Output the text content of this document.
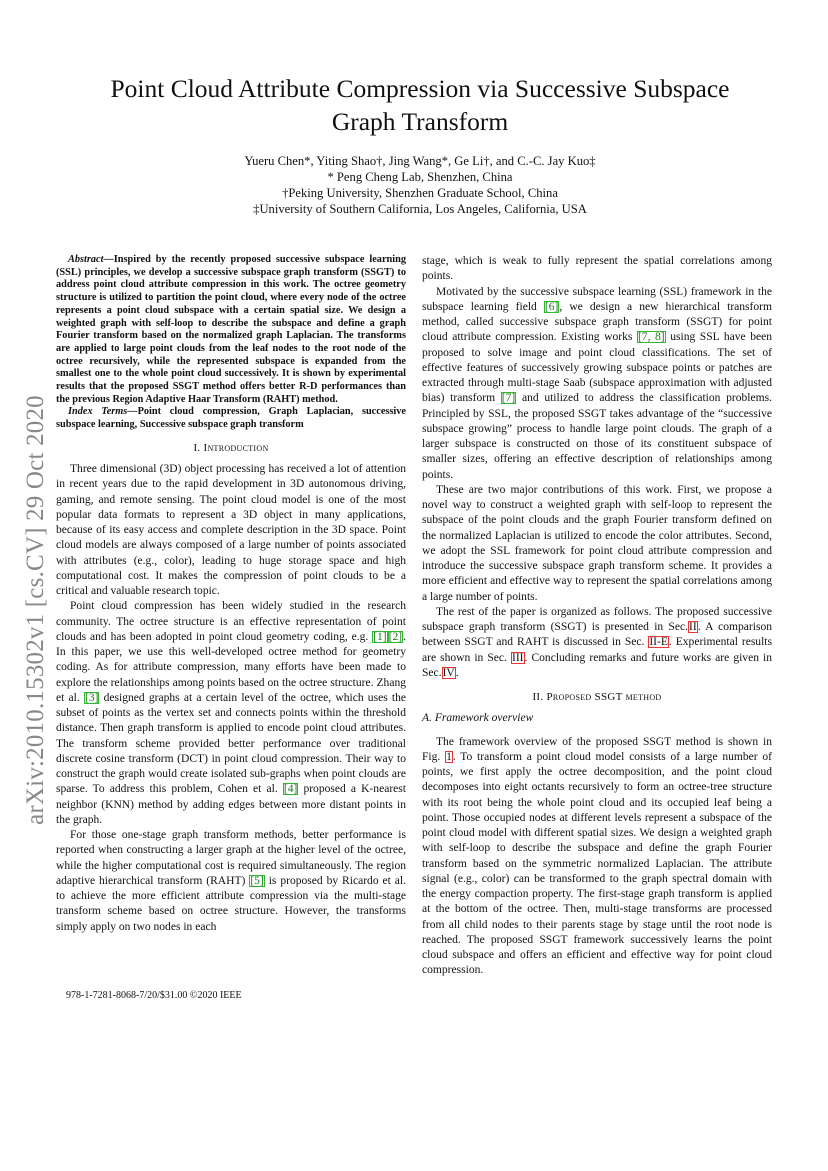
arXiv:2010.15302v1 [cs.CV] 29 Oct 2020
Point Cloud Attribute Compression via Successive Subspace
Graph Transform
Yueru Chen*, Yiting Shao†, Jing Wang*, Ge Li†, and C.-C. Jay Kuo‡
* Peng Cheng Lab, Shenzhen, China
†Peking University, Shenzhen Graduate School, China
‡University of Southern California, Los Angeles, California, USA

Abstract—Inspired by the recently proposed successive subspace learning (SSL) principles, we develop a successive subspace graph transform (SSGT) to address point cloud attribute compression in this work. The octree geometry structure is utilized to partition the point cloud, where every node of the octree represents a point cloud subspace with a certain spatial size. We design a weighted graph with self-loop to describe the subspace and define a graph Fourier transform based on the normalized graph Laplacian. The transforms are applied to large point clouds from the leaf nodes to the root node of the octree recursively, while the represented subspace is expanded from the smallest one to the whole point cloud successively. It is shown by experimental results that the proposed SSGT method offers better R-D performances than the previous Region Adaptive Haar Transform (RAHT) method.

Index Terms—Point cloud compression, Graph Laplacian, successive subspace learning, Successive subspace graph transform

I. Introduction

Three dimensional (3D) object processing has received a lot of attention in recent years due to the rapid development in 3D autonomous driving, gaming, and remote sensing. The point cloud model is one of the most popular data formats to represent a 3D object in many applications, because of its easy access and complete description in the 3D space. Point cloud models are always composed of a large number of points associated with attributes (e.g., color), leading to huge storage space and high computational cost. It makes the compression of point clouds to be a critical and valuable research topic.

Point cloud compression has been widely studied in the research community. The octree structure is an effective representation of point clouds and has been adopted in point cloud geometry coding, e.g. [1] [2]. In this paper, we use this well-developed octree method for geometry coding. As for attribute compression, many efforts have been made to explore the relationships among points based on the octree structure. Zhang et al. [3] designed graphs at a certain level of the octree, which uses the subset of points as the vertex set and connects points within the threshold distance. Then graph transform is applied to encode point cloud attributes. The transform scheme provided better performance over traditional discrete cosine transform (DCT) in point cloud compression. Their way to construct the graph would create isolated sub-graphs when point clouds are sparse. To address this problem, Cohen et al. [4] proposed a K-nearest neighbor (KNN) method by adding edges between more distant points in the graph.

For those one-stage graph transform methods, better performance is reported when constructing a larger graph at the higher level of the octree, while the higher computational cost is required simultaneously. The region adaptive hierarchical transform (RAHT) [5] is proposed by Ricardo et al. to achieve the more efficient attribute compression via the multi-stage transform scheme based on octree structure. However, the transforms simply apply on two nodes in each

stage, which is weak to fully represent the spatial correlations among points.

Motivated by the successive subspace learning (SSL) framework in the subspace learning field [6], we design a new hierarchical transform method, called successive subspace graph transform (SSGT) for point cloud attribute compression. Existing works [7, 8] using SSL have been proposed to solve image and point cloud classifications. The set of effective features of successively growing subspace points or patches are extracted through multi-stage Saab (subspace approximation with adjusted bias) transform [7] and utilized to address the classification problems. Principled by SSL, the proposed SSGT takes advantage of the “successive subspace growing” process to handle large point clouds. The graph of a larger subspace is constructed on those of its constituent subspace of smaller sizes, offering an effective description of relationships among points.

These are two major contributions of this work. First, we propose a novel way to construct a weighted graph with self-loop to represent the subspace of the point clouds and the graph Fourier transform defined on the normalized Laplacian is utilized to encode the color attributes. Second, we adopt the SSL framework for point cloud attribute compression and introduce the successive subspace graph transform scheme. It provides a more efficient and effective way to represent the spatial correlations among a large number of points.

The rest of the paper is organized as follows. The proposed successive subspace graph transform (SSGT) is presented in Sec.II. A comparison between SSGT and RAHT is discussed in Sec. II-E. Experimental results are shown in Sec. III. Concluding remarks and future works are given in Sec.IV.

II. Proposed SSGT method
A. Framework overview

The framework overview of the proposed SSGT method is shown in Fig. 1. To transform a point cloud model consists of a large number of points, we first apply the octree decomposition, and the point cloud decomposes into eight octants recursively to form an octree-tree structure with its root being the whole point cloud and its occupied leaf being a point. Those occupied nodes at different levels represent a subspace of the point cloud model with different spatial sizes. We design a weighted graph with self-loop to describe the subspace and define the graph Fourier transform based on the symmetric normalized Laplacian. The attribute signal (e.g., color) can be transformed to the graph spectral domain with the energy compaction property. The first-stage graph transform is applied at the bottom of the octree. Then, multi-stage transforms are processed from all child nodes to their parents stage by stage until the root node is reached. The proposed SSGT framework successively learns the point cloud subspace and offers an efficient and effective way for point cloud compression.

978-1-7281-8068-7/20/$31.00 ©2020 IEEE
